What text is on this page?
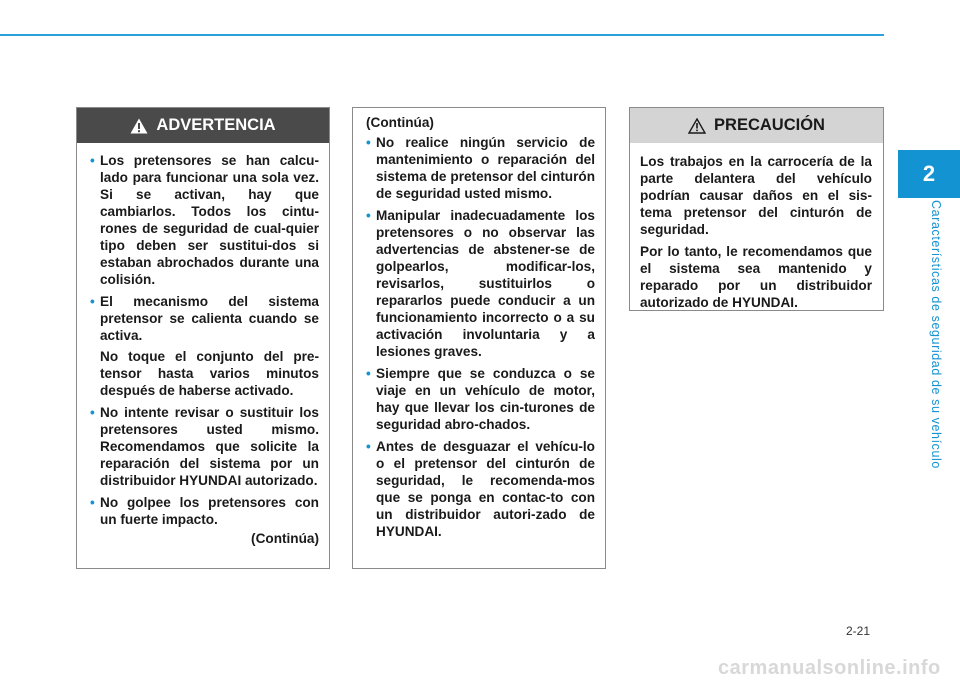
2
Características de seguridad de su vehículo
ADVERTENCIA
• Los pretensores se han calcu-lado para funcionar una sola vez. Si se activan, hay que cambiarlos. Todos los cintu-rones de seguridad de cual-quier tipo deben ser sustitui-dos si estaban abrochados durante una colisión.
• El mecanismo del sistema pretensor se calienta cuando se activa.
No toque el conjunto del pre-tensor hasta varios minutos después de haberse activado.
• No intente revisar o sustituir los pretensores usted mismo. Recomendamos que solicite la reparación del sistema por un distribuidor HYUNDAI autorizado.
• No golpee los pretensores con un fuerte impacto.
(Continúa)
(Continúa)
• No realice ningún servicio de mantenimiento o reparación del sistema de pretensor del cinturón de seguridad usted mismo.
• Manipular inadecuadamente los pretensores o no observar las advertencias de abstener-se de golpearlos, modificar-los, revisarlos, sustituirlos o repararlos puede conducir a un funcionamiento incorrecto o a su activación involuntaria y a lesiones graves.
• Siempre que se conduzca o se viaje en un vehículo de motor, hay que llevar los cin-turones de seguridad abro-chados.
• Antes de desguazar el vehícu-lo o el pretensor del cinturón de seguridad, le recomenda-mos que se ponga en contac-to con un distribuidor autori-zado de HYUNDAI.
PRECAUCIÓN
Los trabajos en la carrocería de la parte delantera del vehículo podrían causar daños en el sis-tema pretensor del cinturón de seguridad.
Por lo tanto, le recomendamos que el sistema sea mantenido y reparado por un distribuidor autorizado de HYUNDAI.
2-21
carmanualsonline.info
